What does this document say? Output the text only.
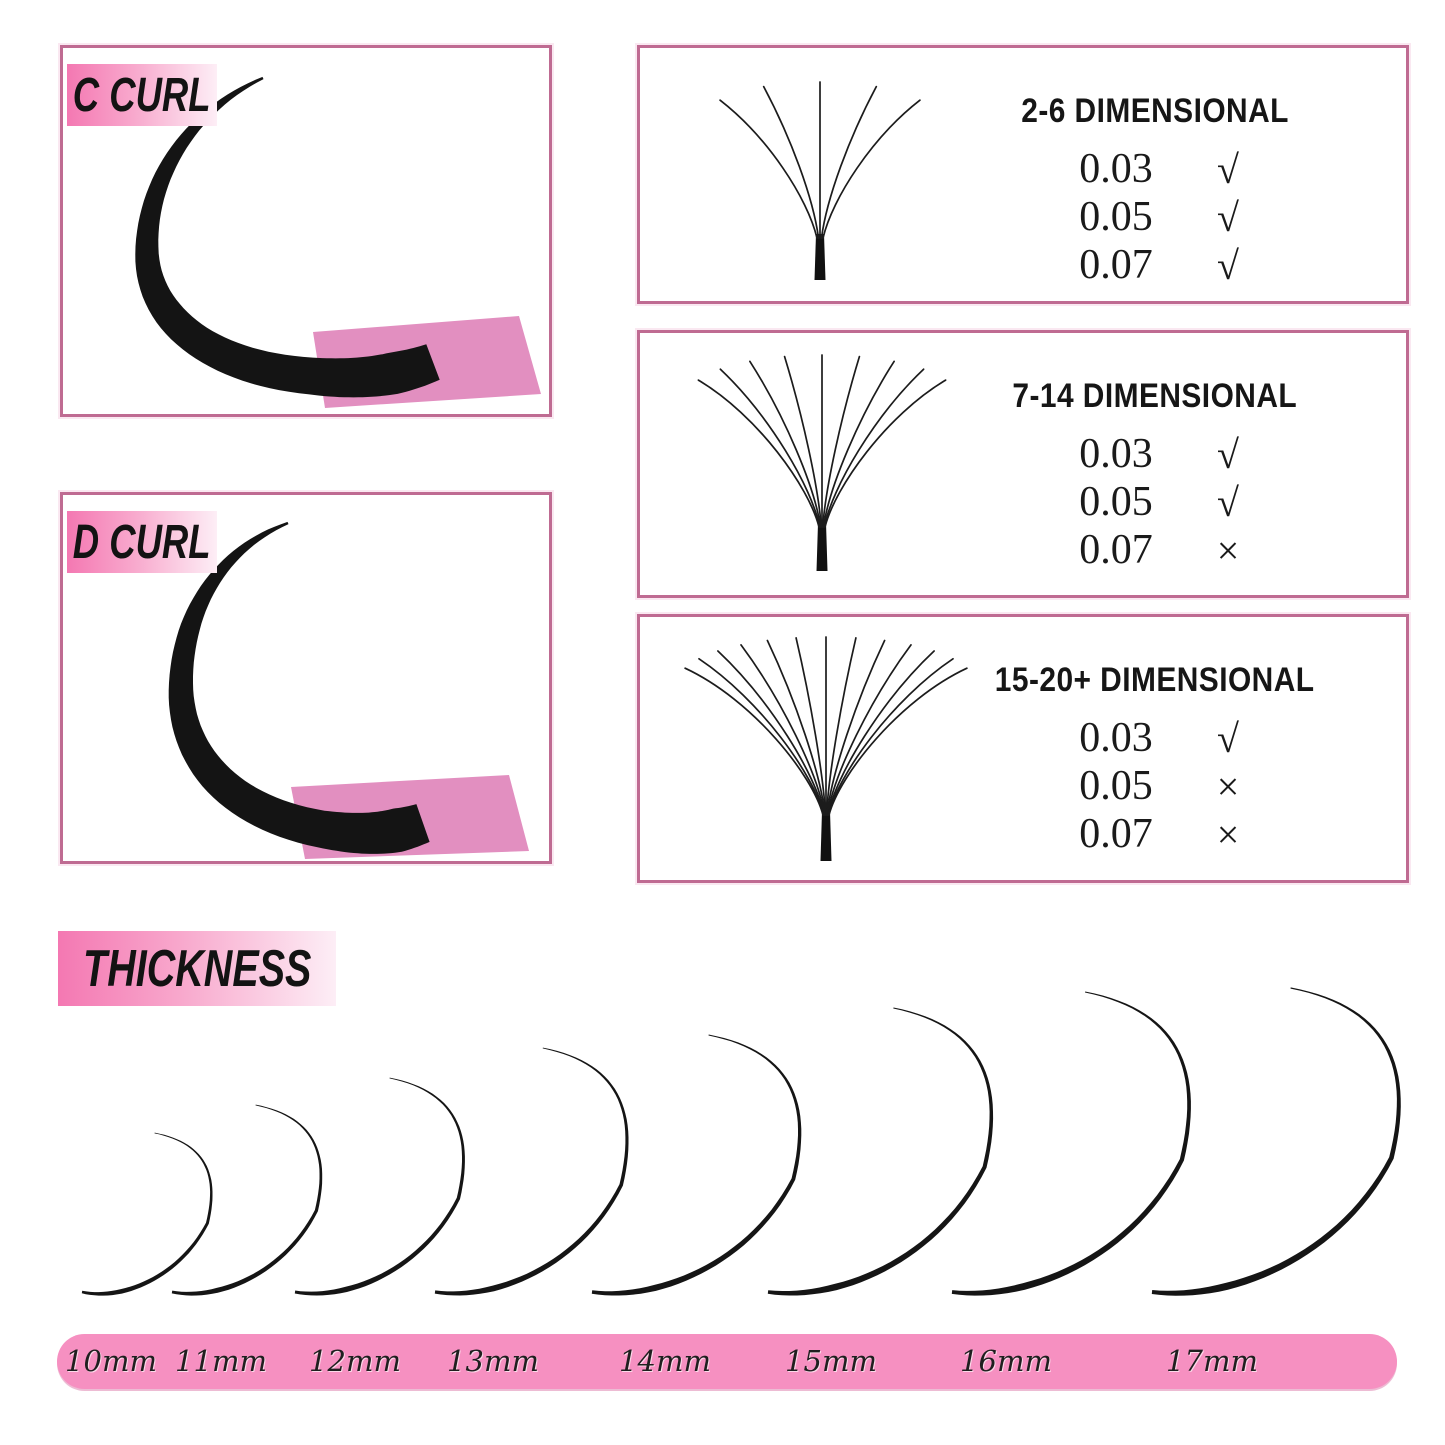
C CURL
D CURL
2-6 DIMENSIONAL
0.03	√
0.05	√
0.07	√
7-14 DIMENSIONAL
0.03	√
0.05	√
0.07	×
15-20+ DIMENSIONAL
0.03	√
0.05	×
0.07	×
THICKNESS
10mm 11mm 12mm 13mm	14mm	15mm	16mm	17mm
